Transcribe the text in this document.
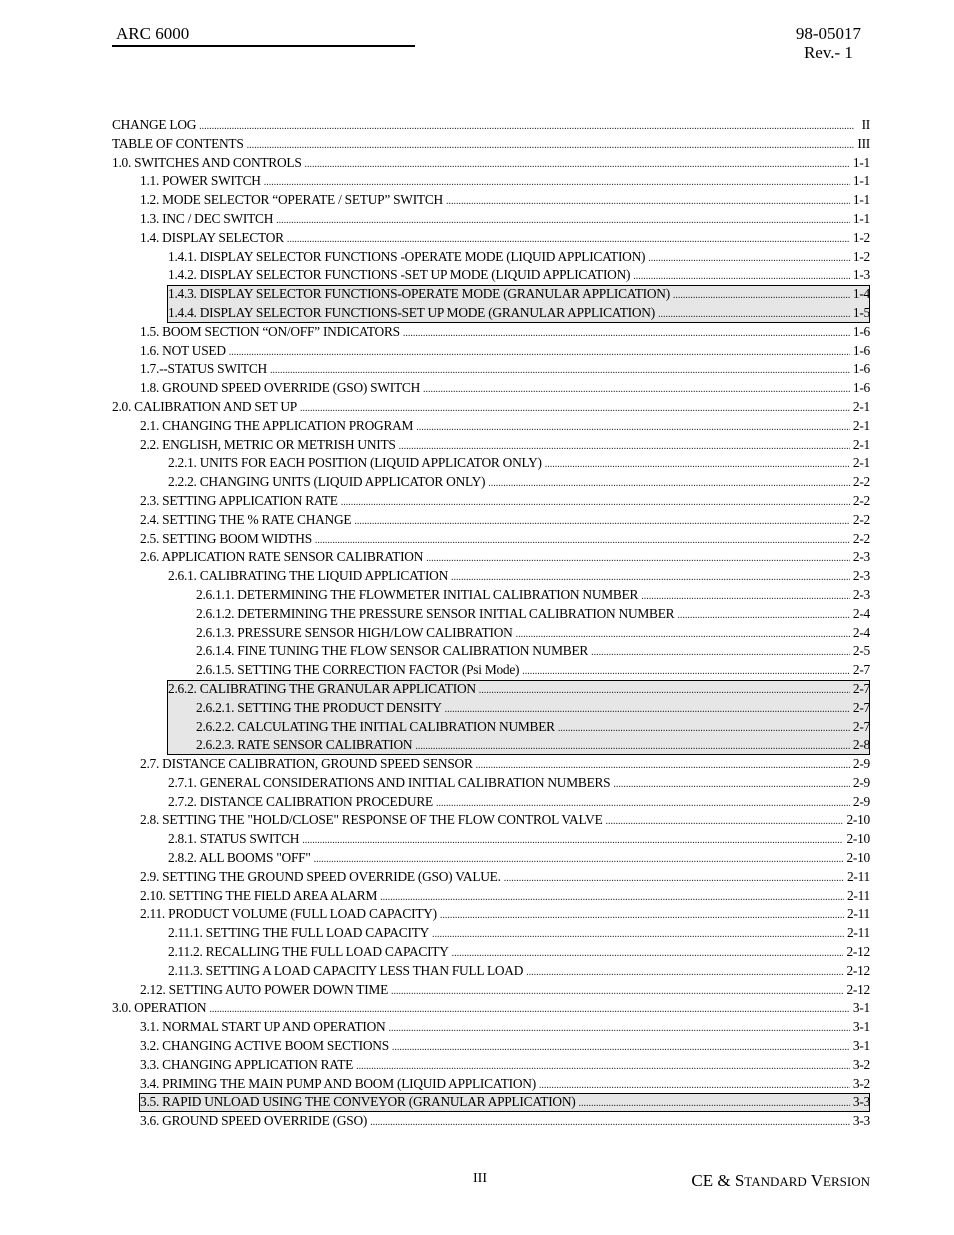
ARC 6000	98-05017
Rev.- 1
CHANGE LOG .....	II
TABLE OF CONTENTS .....	III
1.0. SWITCHES AND CONTROLS .....	1-1
1.1. POWER SWITCH .....	1-1
1.2. MODE SELECTOR “OPERATE / SETUP” SWITCH .....	1-1
1.3. INC / DEC SWITCH .....	1-1
1.4. DISPLAY SELECTOR .....	1-2
1.4.1. DISPLAY SELECTOR FUNCTIONS -OPERATE MODE (LIQUID APPLICATION) .....	1-2
1.4.2. DISPLAY SELECTOR FUNCTIONS -SET UP MODE (LIQUID APPLICATION) .....	1-3
1.4.3. DISPLAY SELECTOR FUNCTIONS-OPERATE MODE (GRANULAR APPLICATION) .....	1-4
1.4.4. DISPLAY SELECTOR FUNCTIONS-SET UP MODE (GRANULAR APPLICATION) .....	1-5
1.5. BOOM SECTION “ON/OFF” INDICATORS .....	1-6
1.6. NOT USED .....	1-6
1.7.--STATUS SWITCH .....	1-6
1.8. GROUND SPEED OVERRIDE (GSO) SWITCH .....	1-6
2.0. CALIBRATION AND SET UP .....	2-1
2.1. CHANGING THE APPLICATION PROGRAM .....	2-1
2.2. ENGLISH, METRIC OR METRISH UNITS .....	2-1
2.2.1. UNITS FOR EACH POSITION (LIQUID APPLICATOR ONLY) .....	2-1
2.2.2. CHANGING UNITS (LIQUID APPLICATOR ONLY) .....	2-2
2.3. SETTING APPLICATION RATE .....	2-2
2.4. SETTING THE % RATE CHANGE .....	2-2
2.5. SETTING BOOM WIDTHS .....	2-2
2.6. APPLICATION RATE SENSOR CALIBRATION .....	2-3
2.6.1. CALIBRATING THE LIQUID APPLICATION .....	2-3
2.6.1.1. DETERMINING THE FLOWMETER INITIAL CALIBRATION NUMBER .....	2-3
2.6.1.2. DETERMINING THE PRESSURE SENSOR INITIAL CALIBRATION NUMBER .....	2-4
2.6.1.3. PRESSURE SENSOR HIGH/LOW CALIBRATION .....	2-4
2.6.1.4. FINE TUNING THE FLOW SENSOR CALIBRATION NUMBER .....	2-5
2.6.1.5. SETTING THE CORRECTION FACTOR (Psi Mode) .....	2-7
2.6.2. CALIBRATING THE GRANULAR APPLICATION .....	2-7
2.6.2.1. SETTING THE PRODUCT DENSITY .....	2-7
2.6.2.2. CALCULATING THE INITIAL CALIBRATION NUMBER .....	2-7
2.6.2.3. RATE SENSOR CALIBRATION .....	2-8
2.7. DISTANCE CALIBRATION, GROUND SPEED SENSOR .....	2-9
2.7.1. GENERAL CONSIDERATIONS AND INITIAL CALIBRATION NUMBERS .....	2-9
2.7.2. DISTANCE CALIBRATION PROCEDURE .....	2-9
2.8. SETTING THE "HOLD/CLOSE" RESPONSE OF THE FLOW CONTROL VALVE .....	2-10
2.8.1. STATUS SWITCH .....	2-10
2.8.2. ALL BOOMS "OFF" .....	2-10
2.9. SETTING THE GROUND SPEED OVERRIDE (GSO) VALUE. .....	2-11
2.10. SETTING THE FIELD AREA ALARM .....	2-11
2.11. PRODUCT VOLUME (FULL LOAD CAPACITY) .....	2-11
2.11.1. SETTING THE FULL LOAD CAPACITY .....	2-11
2.11.2. RECALLING THE FULL LOAD CAPACITY .....	2-12
2.11.3. SETTING A LOAD CAPACITY LESS THAN FULL LOAD .....	2-12
2.12. SETTING AUTO POWER DOWN TIME .....	2-12
3.0. OPERATION .....	3-1
3.1. NORMAL START UP AND OPERATION .....	3-1
3.2. CHANGING ACTIVE BOOM SECTIONS .....	3-1
3.3. CHANGING APPLICATION RATE .....	3-2
3.4. PRIMING THE MAIN PUMP AND BOOM (LIQUID APPLICATION) .....	3-2
3.5. RAPID UNLOAD USING THE CONVEYOR (GRANULAR APPLICATION) .....	3-3
3.6. GROUND SPEED OVERRIDE (GSO) .....	3-3
III	CE & STANDARD VERSION
